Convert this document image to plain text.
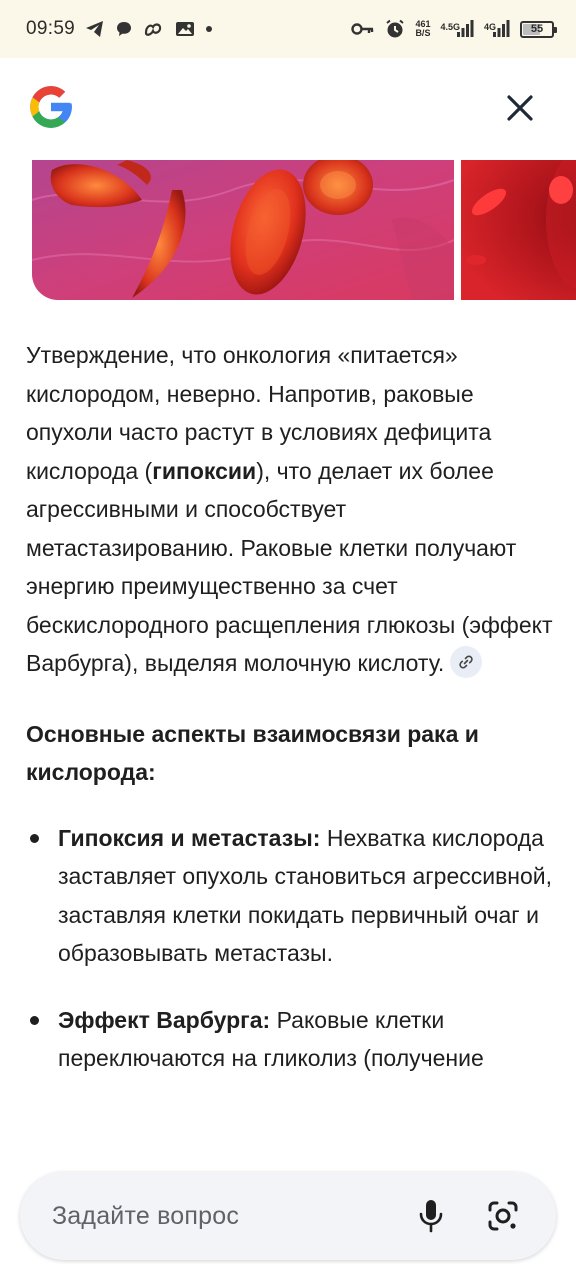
09:59	461
B/S
4.5G	4G	55

Утверждение, что онкология «питается» кислородом, неверно. Напротив, раковые опухоли часто растут в условиях дефицита кислорода (гипоксии), что делает их более агрессивными и способствует метастазированию. Раковые клетки получают энергию преимущественно за счет бескислородного расщепления глюкозы (эффект Варбурга), выделяя молочную кислоту.

Основные аспекты взаимосвязи рака и кислорода:
Гипоксия и метастазы: Нехватка кислорода заставляет опухоль становиться агрессивной, заставляя клетки покидать первичный очаг и образовывать метастазы.
Эффект Варбурга: Раковые клетки переключаются на гликолиз (получение
Задайте вопрос
